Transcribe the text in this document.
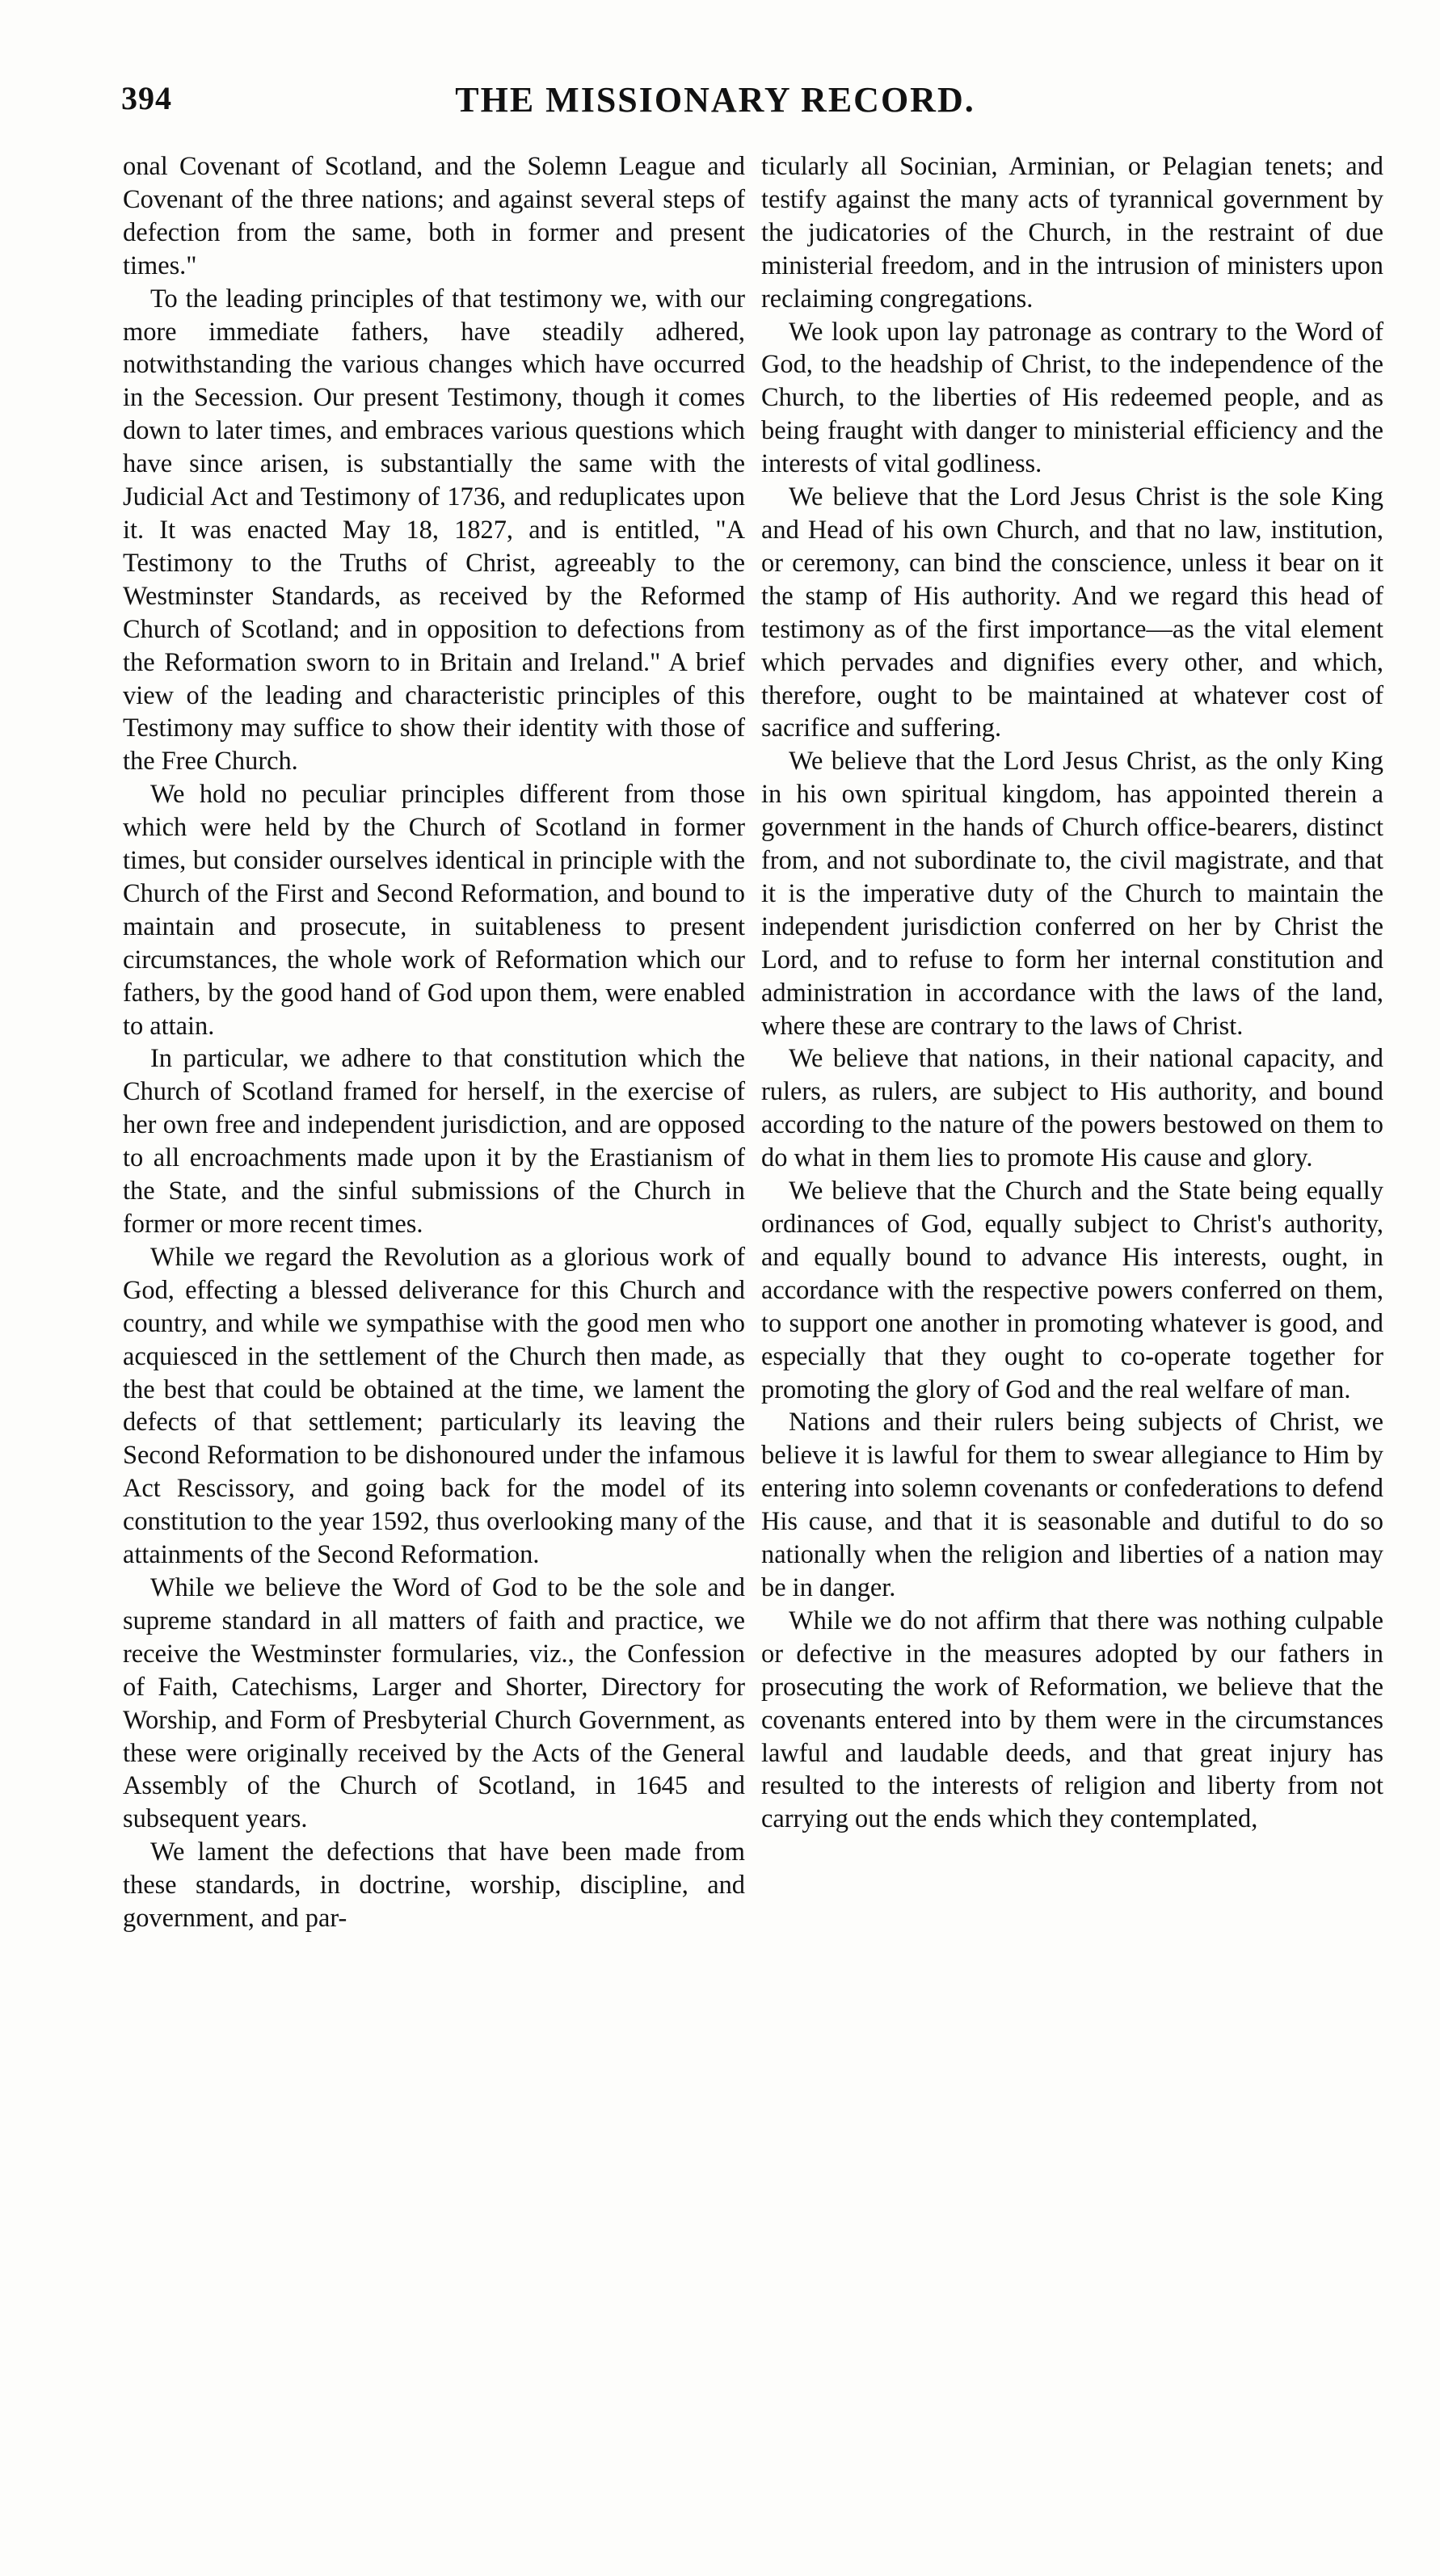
394	THE MISSIONARY RECORD.

onal Covenant of Scotland, and the Solemn League and Covenant of the three nations; and against several steps of defection from the same, both in former and present times."

To the leading principles of that testimony we, with our more immediate fathers, have steadily adhered, notwithstanding the various changes which have occurred in the Secession. Our present Testimony, though it comes down to later times, and embraces various questions which have since arisen, is substantially the same with the Judicial Act and Testimony of 1736, and reduplicates upon it. It was enacted May 18, 1827, and is entitled, "A Testimony to the Truths of Christ, agreeably to the Westminster Standards, as received by the Reformed Church of Scotland; and in opposition to defections from the Reformation sworn to in Britain and Ireland." A brief view of the leading and characteristic principles of this Testimony may suffice to show their identity with those of the Free Church.

We hold no peculiar principles different from those which were held by the Church of Scotland in former times, but consider ourselves identical in principle with the Church of the First and Second Reformation, and bound to maintain and prosecute, in suitableness to present circumstances, the whole work of Reformation which our fathers, by the good hand of God upon them, were enabled to attain.

In particular, we adhere to that constitution which the Church of Scotland framed for herself, in the exercise of her own free and independent jurisdiction, and are opposed to all encroachments made upon it by the Erastianism of the State, and the sinful submissions of the Church in former or more recent times.

While we regard the Revolution as a glorious work of God, effecting a blessed deliverance for this Church and country, and while we sympathise with the good men who acquiesced in the settlement of the Church then made, as the best that could be obtained at the time, we lament the defects of that settlement; particularly its leaving the Second Reformation to be dishonoured under the infamous Act Rescissory, and going back for the model of its constitution to the year 1592, thus overlooking many of the attainments of the Second Reformation.

While we believe the Word of God to be the sole and supreme standard in all matters of faith and practice, we receive the Westminster formularies, viz., the Confession of Faith, Catechisms, Larger and Shorter, Directory for Worship, and Form of Presbyterial Church Government, as these were originally received by the Acts of the General Assembly of the Church of Scotland, in 1645 and subsequent years.

We lament the defections that have been made from these standards, in doctrine, worship, discipline, and government, and par-

ticularly all Socinian, Arminian, or Pelagian tenets; and testify against the many acts of tyrannical government by the judicatories of the Church, in the restraint of due ministerial freedom, and in the intrusion of ministers upon reclaiming congregations.

We look upon lay patronage as contrary to the Word of God, to the headship of Christ, to the independence of the Church, to the liberties of His redeemed people, and as being fraught with danger to ministerial efficiency and the interests of vital godliness.

We believe that the Lord Jesus Christ is the sole King and Head of his own Church, and that no law, institution, or ceremony, can bind the conscience, unless it bear on it the stamp of His authority. And we regard this head of testimony as of the first importance—as the vital element which pervades and dignifies every other, and which, therefore, ought to be maintained at whatever cost of sacrifice and suffering.

We believe that the Lord Jesus Christ, as the only King in his own spiritual kingdom, has appointed therein a government in the hands of Church office-bearers, distinct from, and not subordinate to, the civil magistrate, and that it is the imperative duty of the Church to maintain the independent jurisdiction conferred on her by Christ the Lord, and to refuse to form her internal constitution and administration in accordance with the laws of the land, where these are contrary to the laws of Christ.

We believe that nations, in their national capacity, and rulers, as rulers, are subject to His authority, and bound according to the nature of the powers bestowed on them to do what in them lies to promote His cause and glory.

We believe that the Church and the State being equally ordinances of God, equally subject to Christ's authority, and equally bound to advance His interests, ought, in accordance with the respective powers conferred on them, to support one another in promoting whatever is good, and especially that they ought to co-operate together for promoting the glory of God and the real welfare of man.

Nations and their rulers being subjects of Christ, we believe it is lawful for them to swear allegiance to Him by entering into solemn covenants or confederations to defend His cause, and that it is seasonable and dutiful to do so nationally when the religion and liberties of a nation may be in danger.

While we do not affirm that there was nothing culpable or defective in the measures adopted by our fathers in prosecuting the work of Reformation, we believe that the covenants entered into by them were in the circumstances lawful and laudable deeds, and that great injury has resulted to the interests of religion and liberty from not carrying out the ends which they contemplated,
